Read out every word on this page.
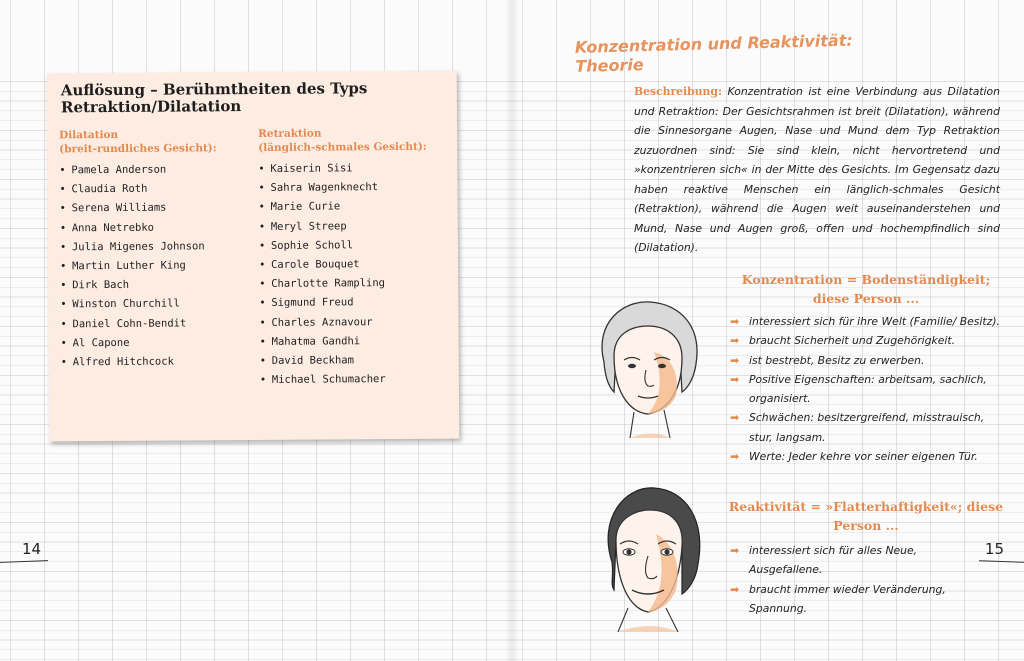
Auflösung – Berühmtheiten des Typs Retraktion/Dilatation

Dilatation
(breit-rundliches Gesicht):

• Pamela Anderson
• Claudia Roth
• Serena Williams
• Anna Netrebko
• Julia Migenes Johnson
• Martin Luther King
• Dirk Bach
• Winston Churchill
• Daniel Cohn-Bendit
• Al Capone
• Alfred Hitchcock

Retraktion
(länglich-schmales Gesicht):

• Kaiserin Sisi
• Sahra Wagenknecht
• Marie Curie
• Meryl Streep
• Sophie Scholl
• Carole Bouquet
• Charlotte Rampling
• Sigmund Freud
• Charles Aznavour
• Mahatma Gandhi
• David Beckham
• Michael Schumacher
14
Konzentration und Reaktivität:
Theorie

Beschreibung: Konzentration ist eine Verbindung aus Dilatation und Retraktion: Der Gesichtsrahmen ist breit (Dilatation), während die Sinnesorgane Augen, Nase und Mund dem Typ Retraktion zuzuordnen sind: Sie sind klein, nicht hervortretend und »konzentrieren sich« in der Mitte des Gesichts. Im Gegensatz dazu haben reaktive Menschen ein länglich-schmales Gesicht (Retraktion), während die Augen weit auseinanderstehen und Mund, Nase und Augen groß, offen und hochempfindlich sind (Dilatation).

Konzentration = Bodenständigkeit; diese Person ...
➡ interessiert sich für ihre Welt (Familie/ Besitz).
➡ braucht Sicherheit und Zugehörigkeit.
➡ ist bestrebt, Besitz zu erwerben.
➡ Positive Eigenschaften: arbeitsam, sachlich, organisiert.
➡ Schwächen: besitzergreifend, misstrauisch, stur, langsam.
➡ Werte: Jeder kehre vor seiner eigenen Tür.
Reaktivität = »Flatterhaftigkeit«; diese Person ...
➡ interessiert sich für alles Neue, Ausgefallene.
➡ braucht immer wieder Veränderung, Spannung.
15
